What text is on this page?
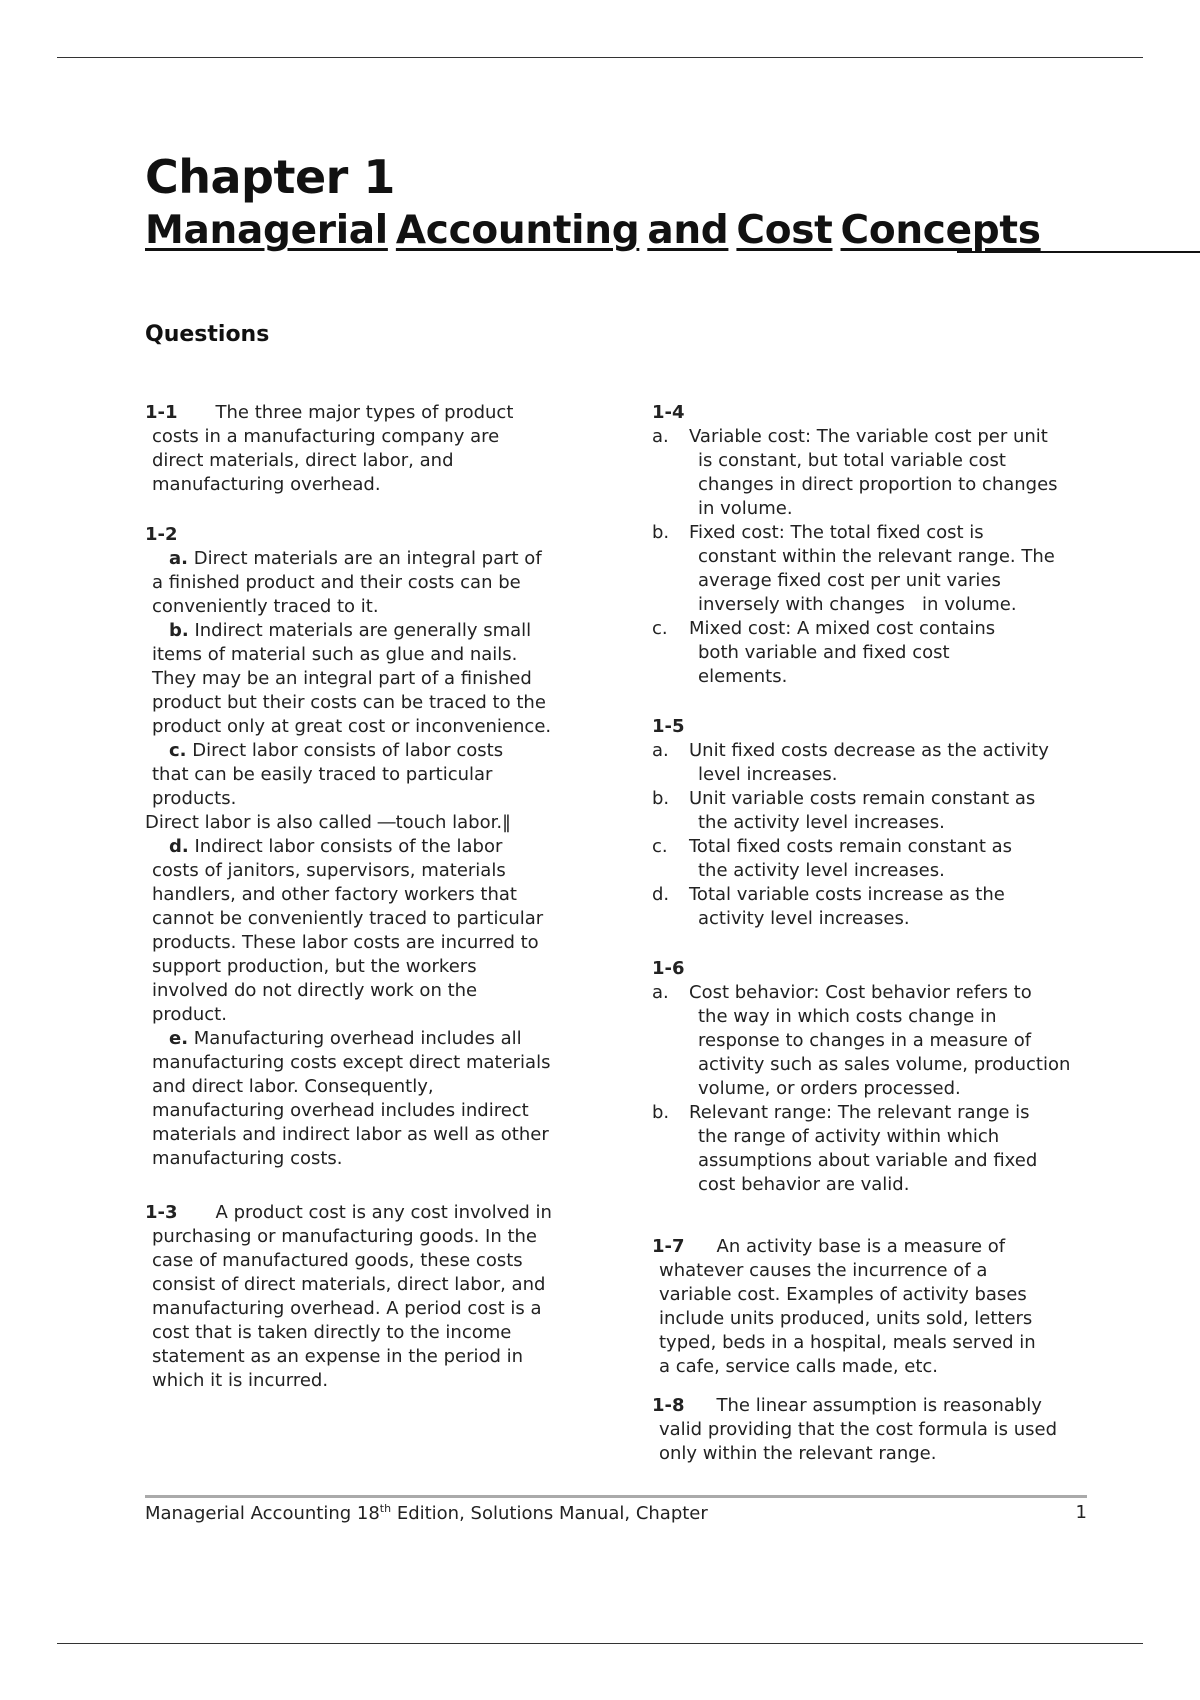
Chapter 1
Managerial Accounting and Cost Concepts
Questions

1-1 The three major types of product

costs in a manufacturing company are

direct materials, direct labor, and

manufacturing overhead.

1-2

a. Direct materials are an integral part of

a finished product and their costs can be

conveniently traced to it.

b. Indirect materials are generally small

items of material such as glue and nails.

They may be an integral part of a finished

product but their costs can be traced to the

product only at great cost or inconvenience.

c. Direct labor consists of labor costs

that can be easily traced to particular

products.

Direct labor is also called ―touch labor.‖

d. Indirect labor consists of the labor

costs of janitors, supervisors, materials

handlers, and other factory workers that

cannot be conveniently traced to particular

products. These labor costs are incurred to

support production, but the workers

involved do not directly work on the

product.

e. Manufacturing overhead includes all

manufacturing costs except direct materials

and direct labor. Consequently,

manufacturing overhead includes indirect

materials and indirect labor as well as other

manufacturing costs.

1-3 A product cost is any cost involved in

purchasing or manufacturing goods. In the

case of manufactured goods, these costs

consist of direct materials, direct labor, and

manufacturing overhead. A period cost is a

cost that is taken directly to the income

statement as an expense in the period in

which it is incurred.

1-4

a.	Variable cost: The variable cost per unit

is constant, but total variable cost

changes in direct proportion to changes

in volume.

b.	Fixed cost: The total fixed cost is

constant within the relevant range. The

average fixed cost per unit varies

inversely with changes   in volume.

c.	Mixed cost: A mixed cost contains

both variable and fixed cost

elements.

1-5

a.	Unit fixed costs decrease as the activity

level increases.

b.	Unit variable costs remain constant as

the activity level increases.

c.	Total fixed costs remain constant as

the activity level increases.

d.	Total variable costs increase as the

activity level increases.

1-6

a.	Cost behavior: Cost behavior refers to

the way in which costs change in

response to changes in a measure of

activity such as sales volume, production

volume, or orders processed.

b.	Relevant range: The relevant range is

the range of activity within which

assumptions about variable and fixed

cost behavior are valid.

1-7 An activity base is a measure of

whatever causes the incurrence of a

variable cost. Examples of activity bases

include units produced, units sold, letters

typed, beds in a hospital, meals served in

a cafe, service calls made, etc.

1-8 The linear assumption is reasonably

valid providing that the cost formula is used

only within the relevant range.

Managerial Accounting 18th Edition, Solutions Manual, Chapter	1
